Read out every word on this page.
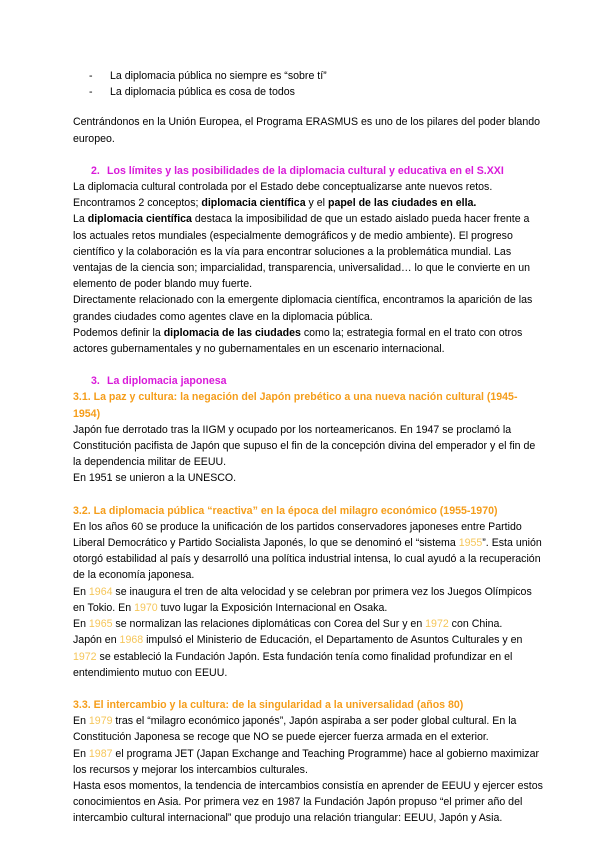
- La diplomacia pública no siempre es “sobre tí”
- La diplomacia pública es cosa de todos

Centrándonos en la Unión Europea, el Programa ERASMUS es uno de los pilares del poder blando europeo.

2. Los límites y las posibilidades de la diplomacia cultural y educativa en el S.XXI

La diplomacia cultural controlada por el Estado debe conceptualizarse ante nuevos retos.

Encontramos 2 conceptos; diplomacia científica y el papel de las ciudades en ella.

La diplomacia científica destaca la imposibilidad de que un estado aislado pueda hacer frente a los actuales retos mundiales (especialmente demográficos y de medio ambiente). El progreso científico y la colaboración es la vía para encontrar soluciones a la problemática mundial. Las ventajas de la ciencia son; imparcialidad, transparencia, universalidad… lo que le convierte en un elemento de poder blando muy fuerte.

Directamente relacionado con la emergente diplomacia científica, encontramos la aparición de las grandes ciudades como agentes clave en la diplomacia pública.

Podemos definir la diplomacia de las ciudades como la; estrategia formal en el trato con otros actores gubernamentales y no gubernamentales en un escenario internacional.

3. La diplomacia japonesa

3.1. La paz y cultura: la negación del Japón prebético a una nueva nación cultural (1945-1954)

Japón fue derrotado tras la IIGM y ocupado por los norteamericanos. En 1947 se proclamó la Constitución pacifista de Japón que supuso el fin de la concepción divina del emperador y el fin de la dependencia militar de EEUU.

En 1951 se unieron a la UNESCO.

3.2. La diplomacia pública “reactiva” en la época del milagro económico (1955-1970)

En los años 60 se produce la unificación de los partidos conservadores japoneses entre Partido Liberal Democrático y Partido Socialista Japonés, lo que se denominó el “sistema 1955”. Esta unión otorgó estabilidad al país y desarrolló una política industrial intensa, lo cual ayudó a la recuperación de la economía japonesa.

En 1964 se inaugura el tren de alta velocidad y se celebran por primera vez los Juegos Olímpicos en Tokio. En 1970 tuvo lugar la Exposición Internacional en Osaka.

En 1965 se normalizan las relaciones diplomáticas con Corea del Sur y en 1972 con China.

Japón en 1968 impulsó el Ministerio de Educación, el Departamento de Asuntos Culturales y en 1972 se estableció la Fundación Japón. Esta fundación tenía como finalidad profundizar en el entendimiento mutuo con EEUU.

3.3. El intercambio y la cultura: de la singularidad a la universalidad (años 80)

En 1979 tras el “milagro económico japonés”, Japón aspiraba a ser poder global cultural. En la Constitución Japonesa se recoge que NO se puede ejercer fuerza armada en el exterior.

En 1987 el programa JET (Japan Exchange and Teaching Programme) hace al gobierno maximizar los recursos y mejorar los intercambios culturales.

Hasta esos momentos, la tendencia de intercambios consistía en aprender de EEUU y ejercer estos conocimientos en Asia. Por primera vez en 1987 la Fundación Japón propuso “el primer año del intercambio cultural internacional” que produjo una relación triangular: EEUU, Japón y Asia.
